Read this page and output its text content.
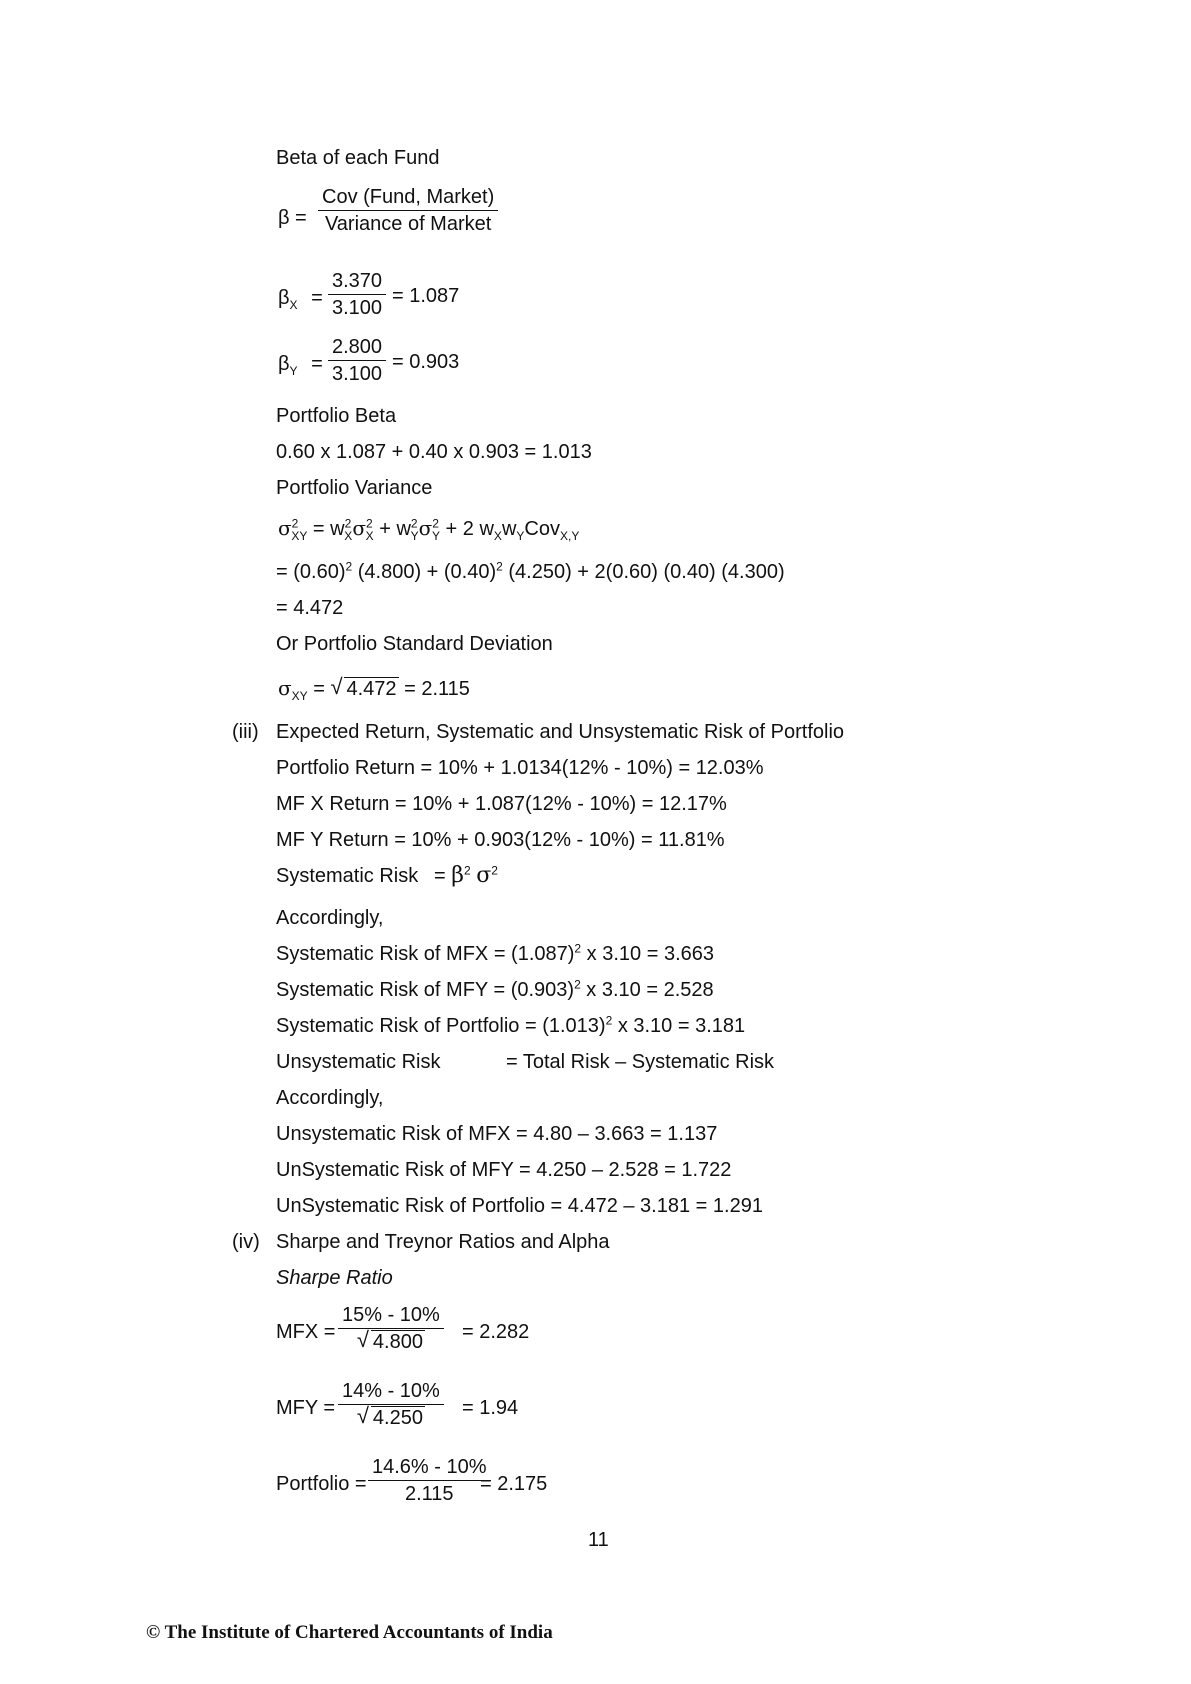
Beta of each Fund
β =
Cov (Fund, Market)
Variance of Market
$\beta_X$ =
3.370
3.100
= 1.087
$\beta_Y$ =
2.800
3.100
= 0.903
Portfolio Beta
0.60 x 1.087 + 0.40 x 0.903 = 1.013
Portfolio Variance
$\sigma^2_{XY} = w^2_X\sigma^2_X + w^2_Y\sigma^2_Y + 2$ $w_Xw_YCov_{X,Y}$
= $(0.60)^2$ $(4.800) + (0.40)^2$ (4.250) + 2(0.60) (0.40) (4.300)
= 4.472
Or Portfolio Standard Deviation
$\sigma_{XY}$ = √ 4.472 = 2.115
(iii) Expected Return, Systematic and Unsystematic Risk of Portfolio
Portfolio Return = 10% + 1.0134(12% - 10%) = 12.03%
MF X Return = 10% + 1.087(12% - 10%) = 12.17%
MF Y Return = 10% + 0.903(12% - 10%) = 11.81%
Systematic Risk = $\beta^2$ $\sigma^2$
Accordingly,
Systematic Risk of MFX = $(1.087)^2$ x 3.10 = 3.663
Systematic Risk of MFY = $(0.903)^2$ x 3.10 = 2.528
Systematic Risk of Portfolio = $(1.013)^2$ x 3.10 = 3.181
Unsystematic Risk	= Total Risk – Systematic Risk
Accordingly,
Unsystematic Risk of MFX = 4.80 – 3.663 = 1.137
UnSystematic Risk of MFY = 4.250 – 2.528 = 1.722
UnSystematic Risk of Portfolio = 4.472 – 3.181 = 1.291
(iv) Sharpe and Treynor Ratios and Alpha
Sharpe Ratio
MFX =
15% - 10%
√ 4.800	= 2.282
MFY =
14% - 10%
√ 4.250	= 1.94
Portfolio =
14.6% - 10%
2.115	= 2.175
11
© The Institute of Chartered Accountants of India
